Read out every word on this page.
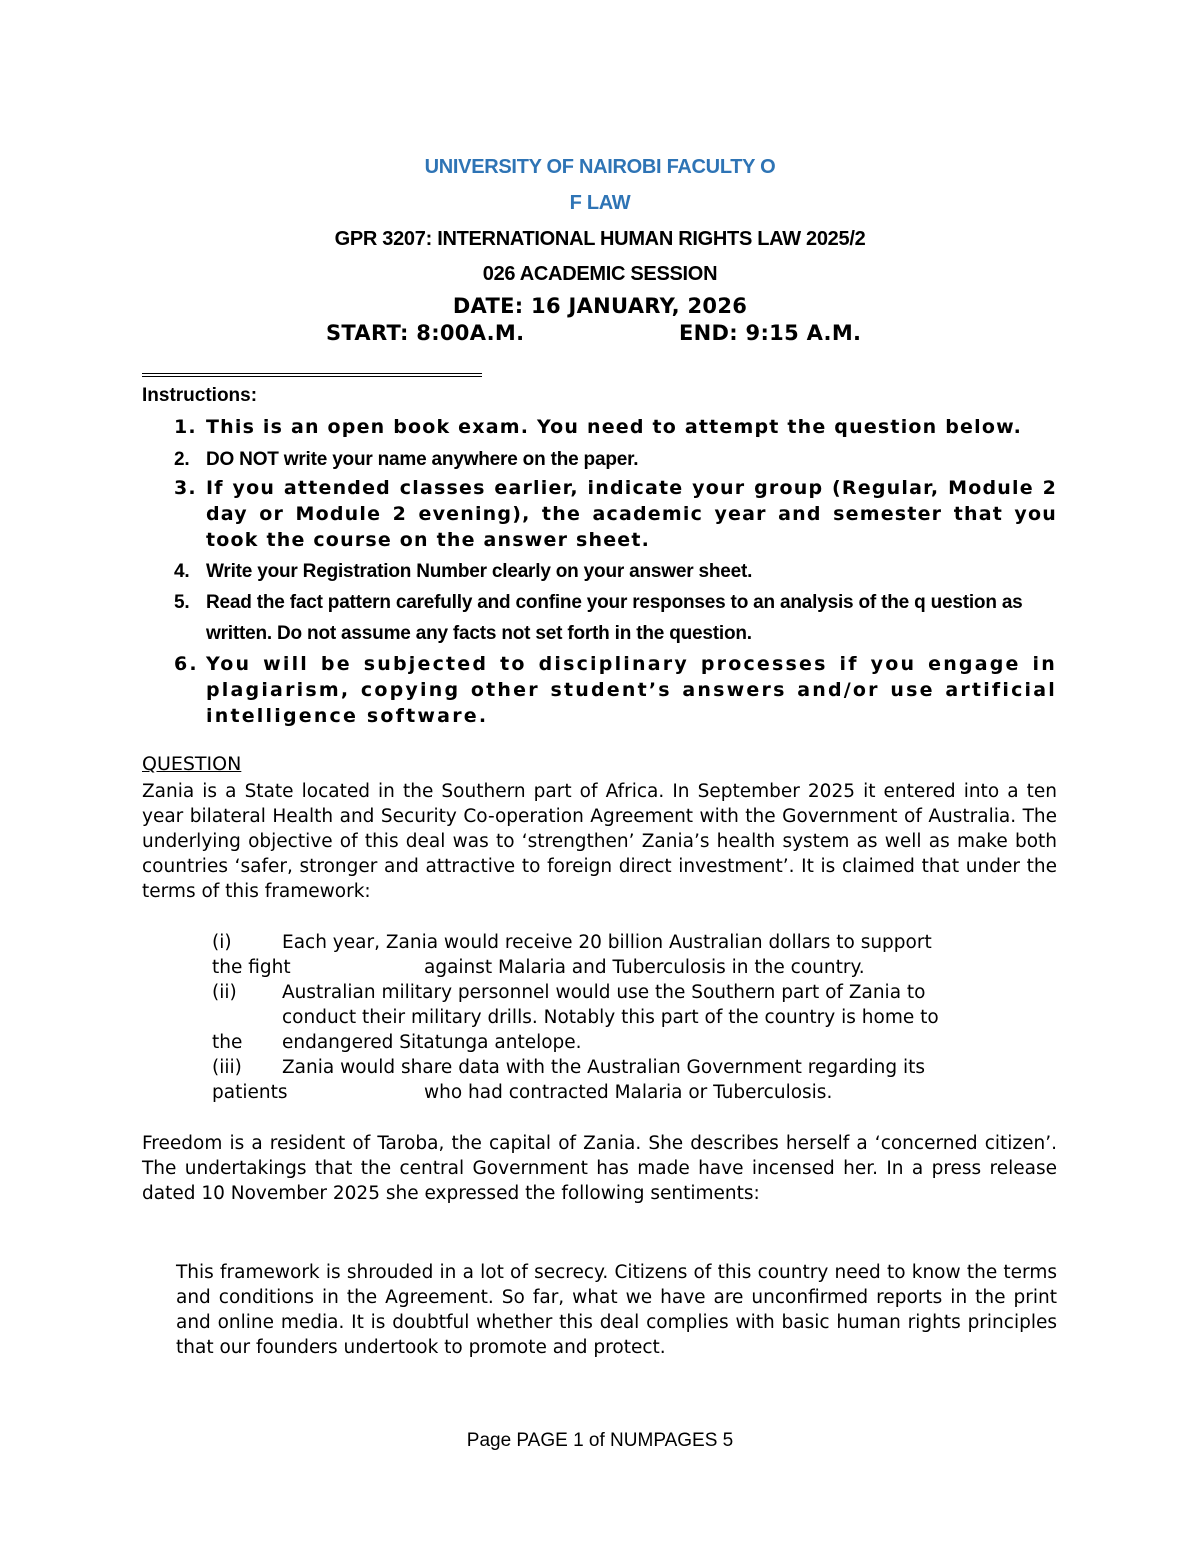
UNIVERSITY OF NAIROBI FACULTY O
F LAW
GPR 3207: INTERNATIONAL HUMAN RIGHTS LAW 2025/2
026 ACADEMIC SESSION
DATE: 16 JANUARY, 2026
START: 8:00A.M.	END: 9:15 A.M.
Instructions:
1. This is an open book exam. You need to attempt the question below.
2. DO NOT write your name anywhere on the paper.
3. If you attended classes earlier, indicate your group (Regular, Module 2 day or Module 2 evening), the academic year and semester that you took the course on the answer sheet.
4. Write your Registration Number clearly on your answer sheet.
5. Read the fact pattern carefully and confine your responses to an analysis of the q uestion as written. Do not assume any facts not set forth in the question.
6. You will be subjected to disciplinary processes if you engage in plagiarism, copying other student’s answers and/or use artificial intelligence software.
QUESTION
Zania is a State located in the Southern part of Africa. In September 2025 it entered into a ten year bilateral Health and Security Co-operation Agreement with the Government of Australia. The underlying objective of this deal was to ‘strengthen’ Zania’s health system as well as make both countries ‘safer, stronger and attractive to foreign direct investment’. It is claimed that under the terms of this framework:
(i)	Each year, Zania would receive 20 billion Australian dollars to support
the fight	against Malaria and Tuberculosis in the country.
(ii)	Australian military personnel would use the Southern part of Zania to
conduct their military drills. Notably this part of the country is home to
the endangered Sitatunga antelope.
(iii)	Zania would share data with the Australian Government regarding its
patients	who had contracted Malaria or Tuberculosis.
Freedom is a resident of Taroba, the capital of Zania. She describes herself a ‘concerned citizen’. The undertakings that the central Government has made have incensed her. In a press release dated 10 November 2025 she expressed the following sentiments:
This framework is shrouded in a lot of secrecy. Citizens of this country need to know the terms and conditions in the Agreement. So far, what we have are unconfirmed reports in the print and online media. It is doubtful whether this deal complies with basic human rights principles that our founders undertook to promote and protect.
Page PAGE 1 of NUMPAGES 5
